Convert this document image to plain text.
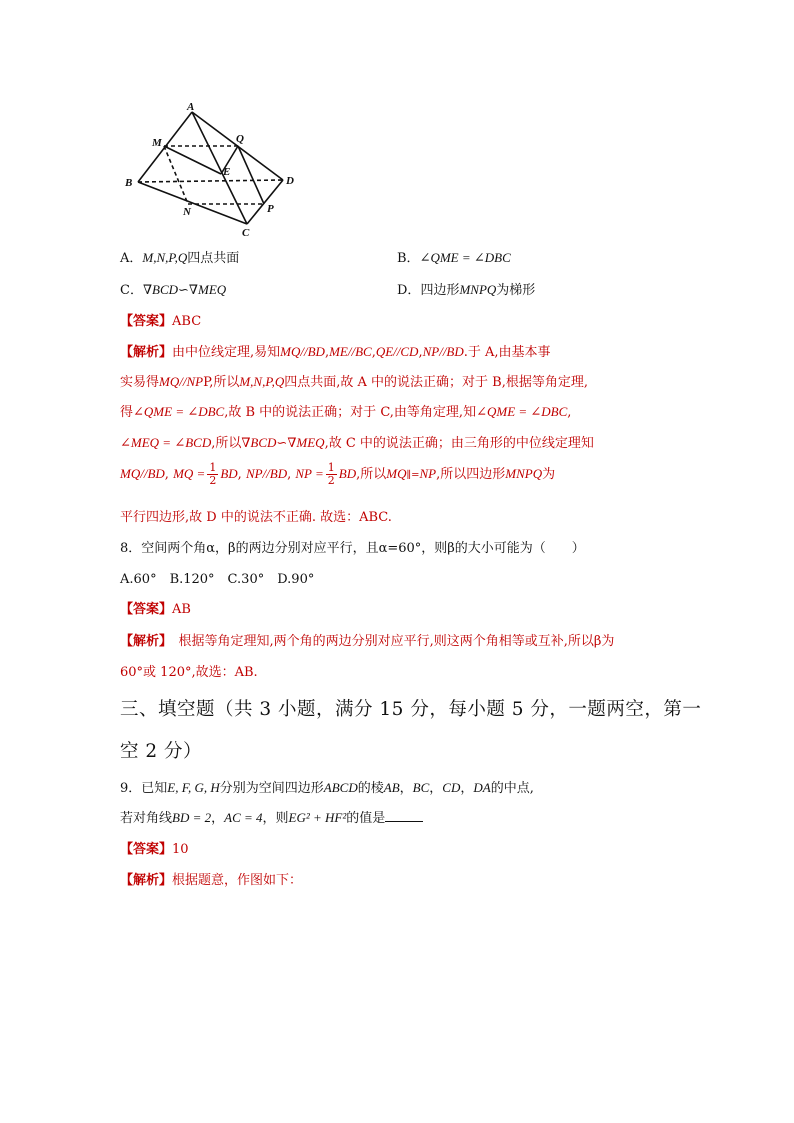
A
M	Q
B
E
D
N	P
C
A．M,N,P,Q四点共面	B．∠QME = ∠DBC
C．∇BCD∽∇MEQ	D．四边形MNPQ为梯形
【答案】ABC
【解析】由中位线定理,易知MQ//BD,ME//BC,QE//CD,NP//BD.于 A,由基本事
实易得MQ//NPP,所以M,N,P,Q四点共面,故 A 中的说法正确；对于 B,根据等角定理,
得∠QME = ∠DBC,故 B 中的说法正确；对于 C,由等角定理,知∠QME = ∠DBC,
∠MEQ = ∠BCD,所以∇BCD∽∇MEQ,故 C 中的说法正确；由三角形的中位线定理知
MQ//BD, MQ = $\frac{1}{2}$ BD, NP//BD, NP = $\frac{1}{2}$ BD,所以MQ∥=NP,所以四边形MNPQ为
平行四边形,故 D 中的说法不正确. 故选：ABC.
8．空间两个角α，β的两边分别对应平行，且α=60°，则β的大小可能为（　　）
A.60°　B.120°　C.30°　D.90°
【答案】AB
【解析】　根据等角定理知,两个角的两边分别对应平行,则这两个角相等或互补,所以β为
60°或 120°,故选：AB.
三、填空题（共 3 小题，满分 15 分，每小题 5 分，一题两空，第一
空 2 分）
9．已知E, F, G, H分别为空间四边形ABCD的棱AB，BC，CD，DA的中点,
若对角线BD = 2，AC = 4，则EG² + HF²的值是
【答案】10
【解析】根据题意，作图如下：
